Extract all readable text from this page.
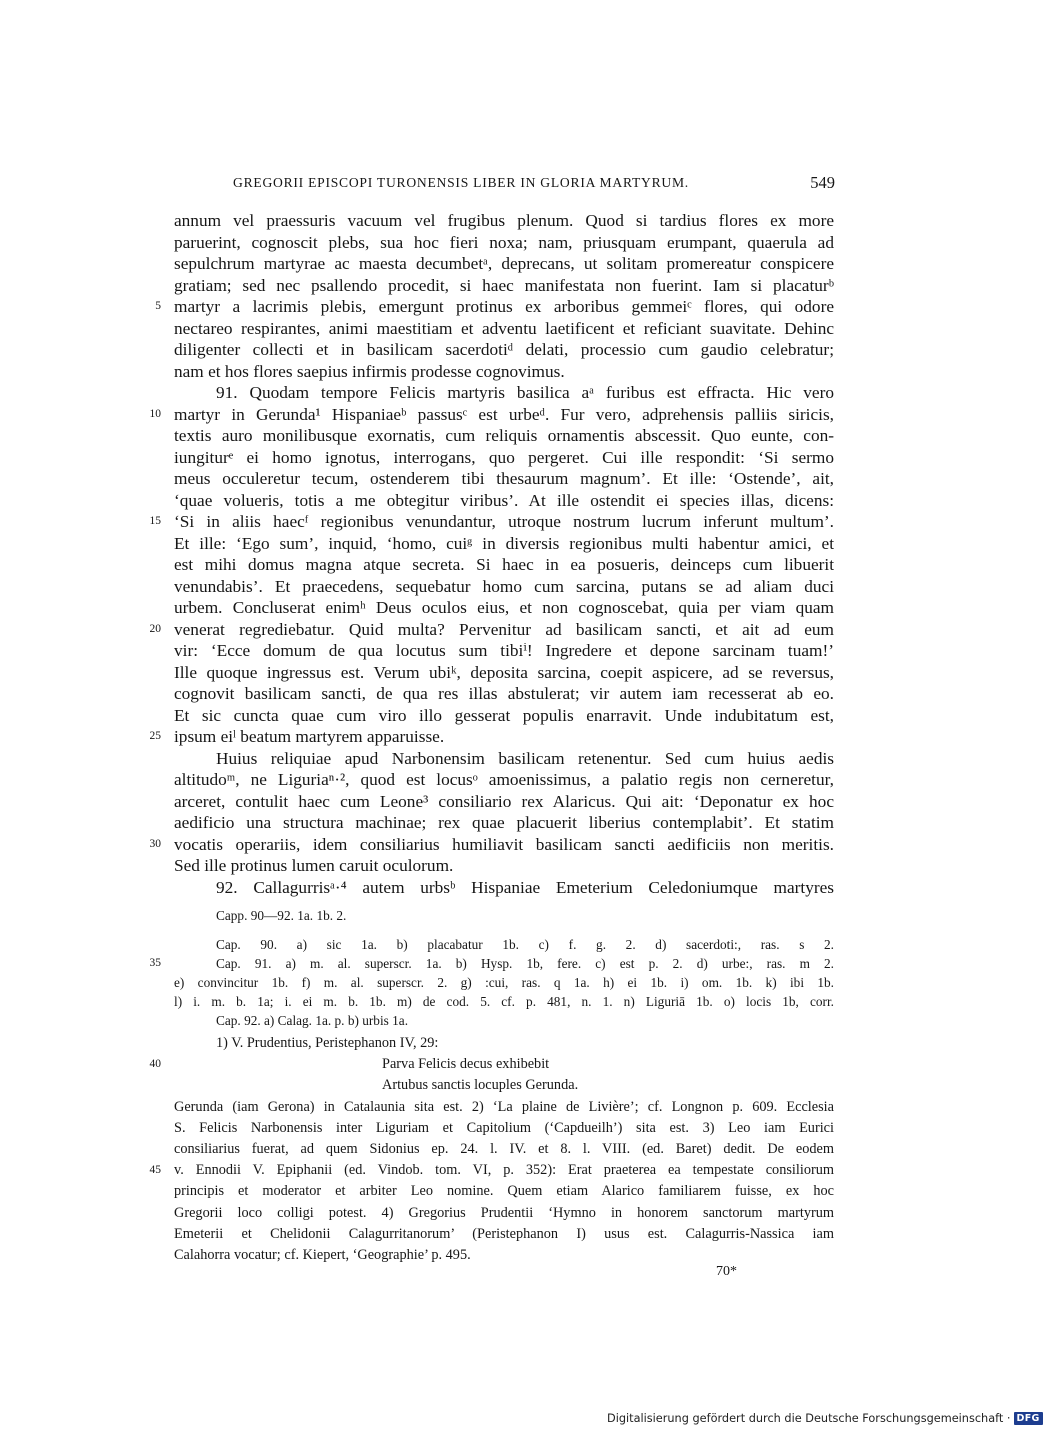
GREGORII EPISCOPI TURONENSIS LIBER IN GLORIA MARTYRUM.	549
annum vel praessuris vacuum vel frugibus plenum. Quod si tardius flores ex more
paruerint, cognoscit plebs, sua hoc fieri noxa; nam, priusquam erumpant, quaerula ad
sepulchrum martyrae ac maesta decumbetᵃ, deprecans, ut solitam promereatur conspicere
gratiam; sed nec psallendo procedit, si haec manifestata non fuerint. Iam si placaturᵇ
5 martyr a lacrimis plebis, emergunt protinus ex arboribus gemmeiᶜ flores, qui odore
nectareo respirantes, animi maestitiam et adventu laetificent et reficiant suavitate. Dehinc
diligenter collecti et in basilicam sacerdotiᵈ delati, processio cum gaudio celebratur;
nam et hos flores saepius infirmis prodesse cognovimus.
91. Quodam tempore Felicis martyris basilica aᵃ furibus est effracta. Hic vero
10 martyr in Gerunda¹ Hispaniaeᵇ passusᶜ est urbeᵈ. Fur vero, adprehensis palliis siricis,
textis auro monilibusque exornatis, cum reliquis ornamentis abscessit. Quo eunte, con-
iungiturᵉ ei homo ignotus, interrogans, quo pergeret. Cui ille respondit: ‘Si sermo
meus occuleretur tecum, ostenderem tibi thesaurum magnum’. Et ille: ‘Ostende’, ait,
‘quae volueris, totis a me obtegitur viribus’. At ille ostendit ei species illas, dicens:
15 ‘Si in aliis haecᶠ regionibus venundantur, utroque nostrum lucrum inferunt multum’.
Et ille: ‘Ego sum’, inquid, ‘homo, cuiᵍ in diversis regionibus multi habentur amici, et
est mihi domus magna atque secreta. Si haec in ea posueris, deinceps cum libuerit
venundabis’. Et praecedens, sequebatur homo cum sarcina, putans se ad aliam duci
urbem. Concluserat enimʰ Deus oculos eius, et non cognoscebat, quia per viam quam
20 venerat regrediebatur. Quid multa? Pervenitur ad basilicam sancti, et ait ad eum
vir: ‘Ecce domum de qua locutus sum tibiⁱ! Ingredere et depone sarcinam tuam!’
Ille quoque ingressus est. Verum ubiᵏ, deposita sarcina, coepit aspicere, ad se reversus,
cognovit basilicam sancti, de qua res illas abstulerat; vir autem iam recesserat ab eo.
Et sic cuncta quae cum viro illo gesserat populis enarravit. Unde indubitatum est,
25 ipsum eiˡ beatum martyrem apparuisse.
Huius reliquiae apud Narbonensim basilicam retenentur. Sed cum huius aedis
altitudoᵐ, ne Liguriaⁿ·², quod est locusᵒ amoenissimus, a palatio regis non cerneretur,
arceret, contulit haec cum Leone³ consiliario rex Alaricus. Qui ait: ‘Deponatur ex hoc
aedificio una structura machinae; rex quae placuerit liberius contemplabit’. Et statim
30 vocatis operariis, idem consiliarius humiliavit basilicam sancti aedificiis non meritis.
Sed ille protinus lumen caruit oculorum.
92. Callagurrisᵃ·⁴ autem urbsᵇ Hispaniae Emeterium Celedoniumque martyres
Capp. 90—92. 1a. 1b. 2.
Cap. 90. a) sic 1a. b) placabatur 1b. c) f. g. 2. d) sacerdoti:, ras. s 2.
35	Cap. 91. a) m. al. superscr. 1a. b) Hysp. 1b, fere. c) est p. 2. d) urbe:, ras. m 2.
e) convincitur 1b. f) m. al. superscr. 2. g) :cui, ras. q 1a. h) ei 1b. i) om. 1b. k) ibi 1b.
l) i. m. b. 1a; i. ei m. b. 1b. m) de cod. 5. cf. p. 481, n. 1. n) Liguriā 1b. o) locis 1b, corr.
Cap. 92. a) Calag. 1a. p. b) urbis 1a.
1) V. Prudentius, Peristephanon IV, 29:
40	Parva Felicis decus exhibebit
Artubus sanctis locuples Gerunda.
Gerunda (iam Gerona) in Catalaunia sita est. 2) ‘La plaine de Livière’; cf. Longnon p. 609. Ecclesia
S. Felicis Narbonensis inter Liguriam et Capitolium (‘Capdueilh’) sita est. 3) Leo iam Eurici
consiliarius fuerat, ad quem Sidonius ep. 24. l. IV. et 8. l. VIII. (ed. Baret) dedit. De eodem
45 v. Ennodii V. Epiphanii (ed. Vindob. tom. VI, p. 352): Erat praeterea ea tempestate consiliorum
principis et moderator et arbiter Leo nomine. Quem etiam Alarico familiarem fuisse, ex hoc
Gregorii loco colligi potest. 4) Gregorius Prudentii ‘Hymno in honorem sanctorum martyrum
Emeterii et Chelidonii Calagurritanorum’ (Peristephanon I) usus est. Calagurris-Nassica iam
Calahorra vocatur; cf. Kiepert, ‘Geographie’ p. 495.
70*
Digitalisierung gefördert durch die Deutsche Forschungsgemeinschaft · DFG
